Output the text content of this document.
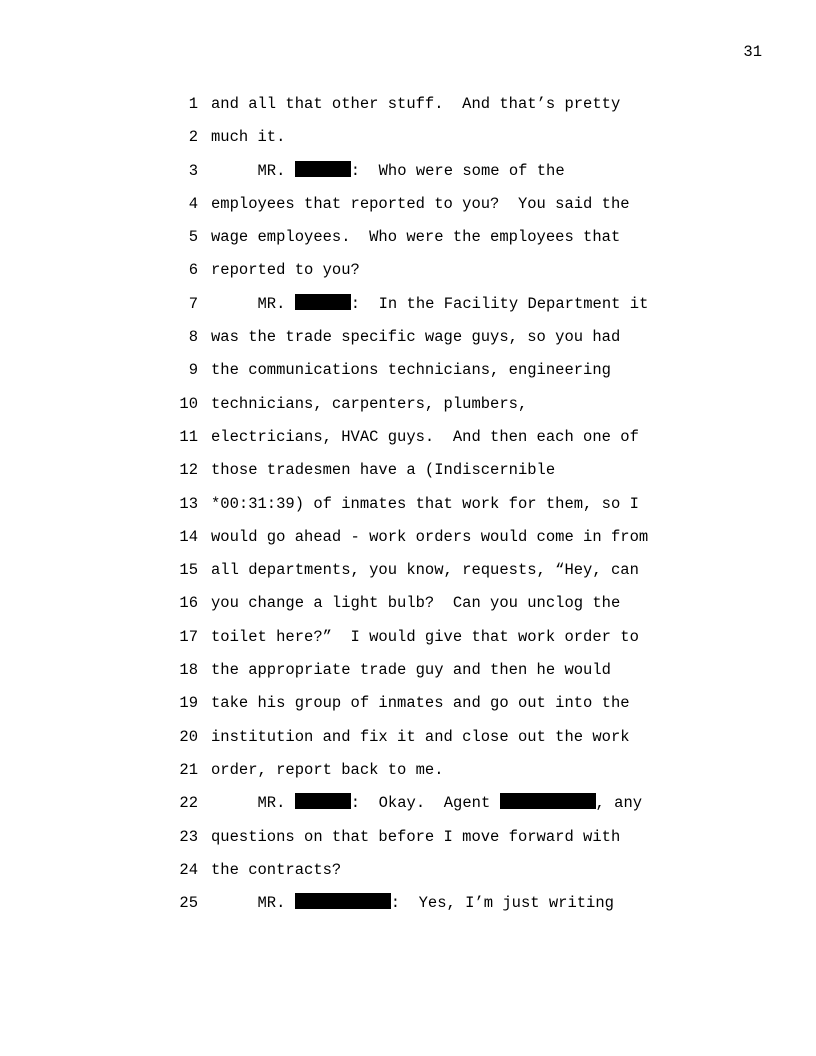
31
1 and all that other stuff.  And that’s pretty
2 much it.
3 MR.	:  Who were some of the
4 employees that reported to you?  You said the
5 wage employees.  Who were the employees that
6 reported to you?
7 MR.	:  In the Facility Department it
8 was the trade specific wage guys, so you had
9 the communications technicians, engineering
10 technicians, carpenters, plumbers,
11 electricians, HVAC guys.  And then each one of
12 those tradesmen have a (Indiscernible
13 *00:31:39) of inmates that work for them, so I
14 would go ahead - work orders would come in from
15 all departments, you know, requests, “Hey, can
16 you change a light bulb?  Can you unclog the
17 toilet here?”  I would give that work order to
18 the appropriate trade guy and then he would
19 take his group of inmates and go out into the
20 institution and fix it and close out the work
21 order, report back to me.
22 MR.	:  Okay.  Agent	, any
23 questions on that before I move forward with
24 the contracts?
25 MR.	:  Yes, I’m just writing
